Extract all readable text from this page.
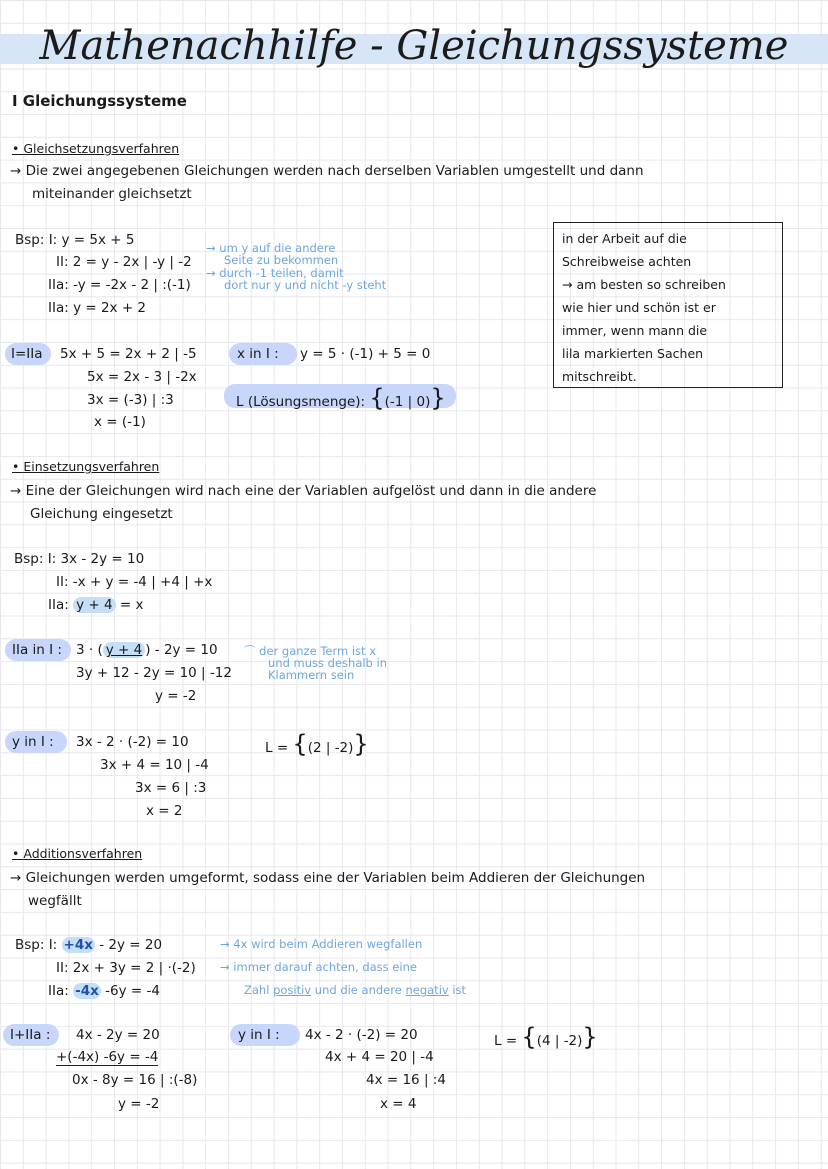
Mathenachhilfe - Gleichungssysteme
I Gleichungssysteme
• Gleichsetzungsverfahren
→ Die zwei angegebenen Gleichungen werden nach derselben Variablen umgestellt und dann
miteinander gleichsetzt
Bsp: I: y = 5x + 5
II: 2 = y - 2x | -y | -2
IIa: -y = -2x - 2 | :(-1)
IIa: y = 2x + 2
→ um y auf die andere
Seite zu bekommen
→ durch -1 teilen, damit
dort nur y und nicht -y steht
I=IIa 5x + 5 = 2x + 2 | -5
5x = 2x - 3 | -2x
3x = (-3) | :3
x = (-1)
x in I : y = 5 · (-1) + 5 = 0
L (Lösungsmenge): {(-1 | 0)}
in der Arbeit auf die
Schreibweise achten
→ am besten so schreiben
wie hier und schön ist er
immer, wenn mann die
lila markierten Sachen
mitschreibt.
• Einsetzungsverfahren
→ Eine der Gleichungen wird nach eine der Variablen aufgelöst und dann in die andere
Gleichung eingesetzt
Bsp: I: 3x - 2y = 10
II: -x + y = -4 | +4 | +x
IIa: y + 4 = x
IIa in I : 3 · ( y + 4 ) - 2y = 10
3y + 12 - 2y = 10 | -12
y = -2
⌒ der ganze Term ist x
und muss deshalb in
Klammern sein
y in I : 3x - 2 · (-2) = 10
3x + 4 = 10 | -4
3x = 6 | :3
x = 2
L = {(2 | -2)}
• Additionsverfahren
→ Gleichungen werden umgeformt, sodass eine der Variablen beim Addieren der Gleichungen
wegfällt
Bsp: I: +4x - 2y = 20
II: 2x + 3y = 2 | ·(-2)
IIa: -4x -6y = -4
→ 4x wird beim Addieren wegfallen
→ immer darauf achten, dass eine
Zahl positiv und die andere negativ ist
I+IIa : 4x - 2y = 20
+(-4x) -6y = -4
0x - 8y = 16 | :(-8)
y = -2
y in I : 4x - 2 · (-2) = 20
4x + 4 = 20 | -4
4x = 16 | :4
x = 4
L = {(4 | -2)}
